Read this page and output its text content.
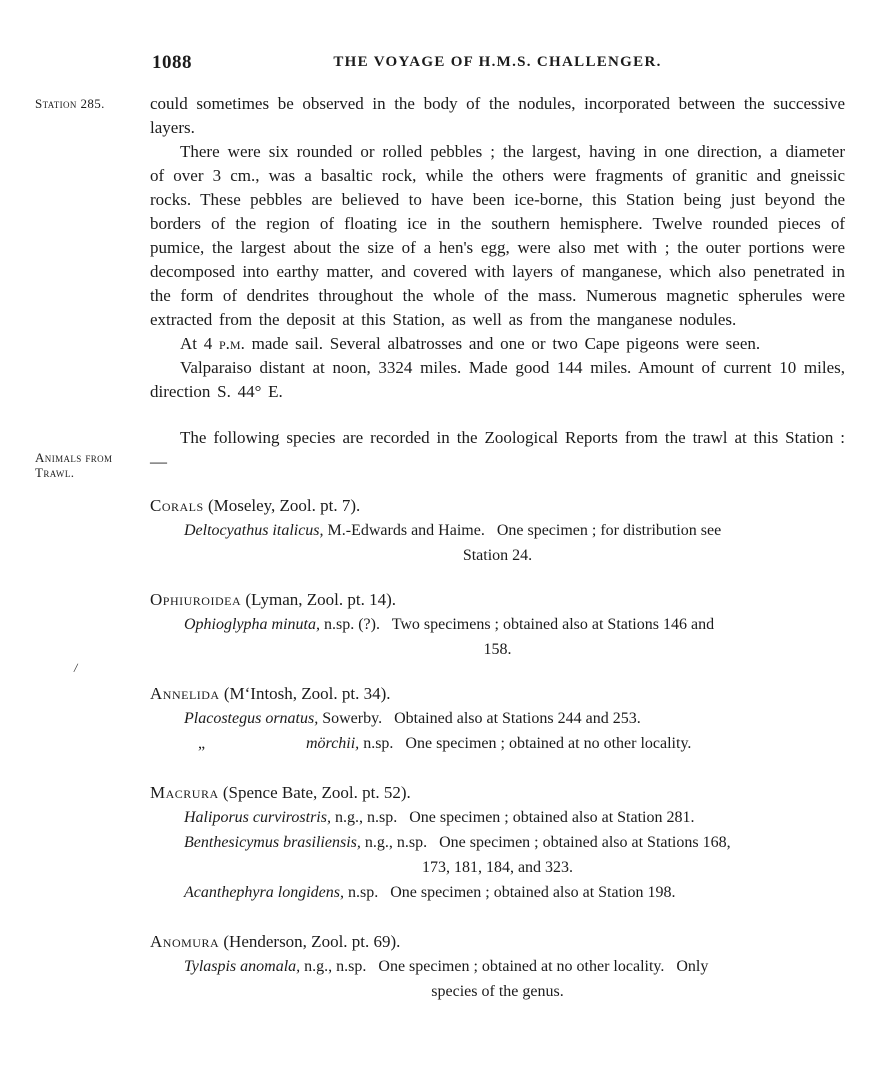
1088	THE VOYAGE OF H.M.S. CHALLENGER.
Station 285.
Animals from
Trawl.
/

could sometimes be observed in the body of the nodules, incorporated between the successive layers.

There were six rounded or rolled pebbles ; the largest, having in one direction, a diameter of over 3 cm., was a basaltic rock, while the others were fragments of granitic and gneissic rocks. These pebbles are believed to have been ice-borne, this Station being just beyond the borders of the region of floating ice in the southern hemisphere. Twelve rounded pieces of pumice, the largest about the size of a hen's egg, were also met with ; the outer portions were decomposed into earthy matter, and covered with layers of manganese, which also penetrated in the form of dendrites throughout the whole of the mass. Numerous magnetic spherules were extracted from the deposit at this Station, as well as from the manganese nodules.

At 4 p.m. made sail. Several albatrosses and one or two Cape pigeons were seen.

Valparaiso distant at noon, 3324 miles. Made good 144 miles. Amount of current 10 miles, direction S. 44° E.

The following species are recorded in the Zoological Reports from the trawl at this Station :—

Corals (Moseley, Zool. pt. 7).
Deltocyathus italicus, M.-Edwards and Haime.   One specimen ; for distribution see
Station 24.
Ophiuroidea (Lyman, Zool. pt. 14).
Ophioglypha minuta, n.sp. (?).   Two specimens ; obtained also at Stations 146 and
158.
Annelida (M‘Intosh, Zool. pt. 34).
Placostegus ornatus, Sowerby.   Obtained also at Stations 244 and 253.
„	mörchii, n.sp.   One specimen ; obtained at no other locality.
Macrura (Spence Bate, Zool. pt. 52).
Haliporus curvirostris, n.g., n.sp.   One specimen ; obtained also at Station 281.
Benthesicymus brasiliensis, n.g., n.sp.   One specimen ; obtained also at Stations 168,
173, 181, 184, and 323.
Acanthephyra longidens, n.sp.   One specimen ; obtained also at Station 198.
Anomura (Henderson, Zool. pt. 69).
Tylaspis anomala, n.g., n.sp.   One specimen ; obtained at no other locality.   Only
species of the genus.
